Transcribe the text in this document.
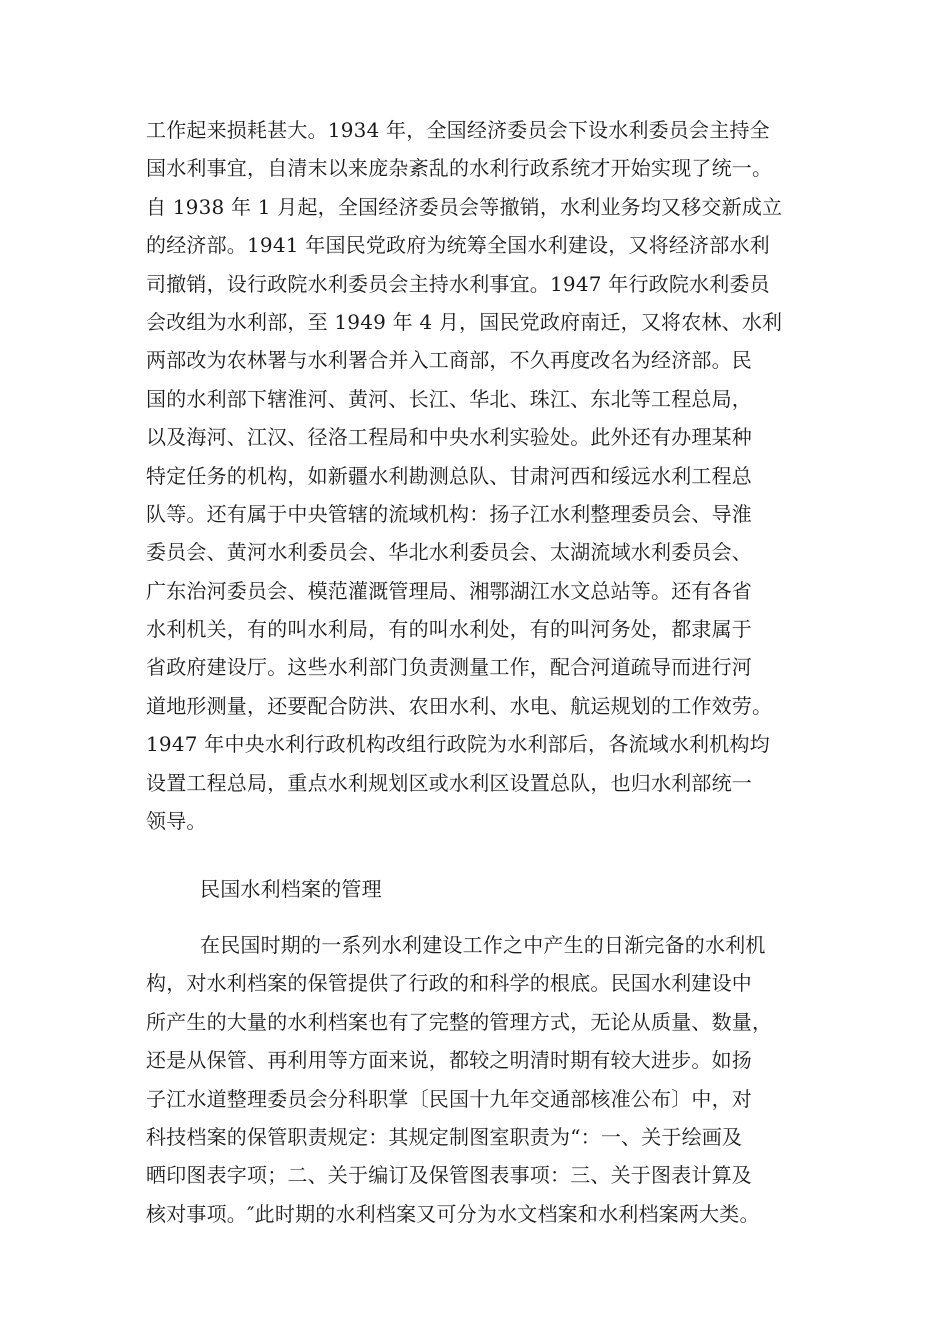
工作起来损耗甚大。1934 年，全国经济委员会下设水利委员会主持全
国水利事宜，自清末以来庞杂紊乱的水利行政系统才开始实现了统一。
自 1938 年 1 月起，全国经济委员会等撤销，水利业务均又移交新成立
的经济部。1941 年国民党政府为统筹全国水利建设，又将经济部水利
司撤销，设行政院水利委员会主持水利事宜。1947 年行政院水利委员
会改组为水利部，至 1949 年 4 月，国民党政府南迁，又将农林、水利
两部改为农林署与水利署合并入工商部，不久再度改名为经济部。民
国的水利部下辖淮河、黄河、长江、华北、珠江、东北等工程总局，
以及海河、江汉、径洛工程局和中央水利实验处。此外还有办理某种
特定任务的机构，如新疆水利勘测总队、甘肃河西和绥远水利工程总
队等。还有属于中央管辖的流域机构：扬子江水利整理委员会、导淮
委员会、黄河水利委员会、华北水利委员会、太湖流域水利委员会、
广东治河委员会、模范灌溉管理局、湘鄂湖江水文总站等。还有各省
水利机关，有的叫水利局，有的叫水利处，有的叫河务处，都隶属于
省政府建设厅。这些水利部门负责测量工作，配合河道疏导而进行河
道地形测量，还要配合防洪、农田水利、水电、航运规划的工作效劳。
1947 年中央水利行政机构改组行政院为水利部后，各流域水利机构均
设置工程总局，重点水利规划区或水利区设置总队，也归水利部统一
领导。
民国水利档案的管理
在民国时期的一系列水利建设工作之中产生的日渐完备的水利机
构，对水利档案的保管提供了行政的和科学的根底。民国水利建设中
所产生的大量的水利档案也有了完整的管理方式，无论从质量、数量，
还是从保管、再利用等方面来说，都较之明清时期有较大进步。如扬
子江水道整理委员会分科职掌〔民国十九年交通部核准公布〕中，对
科技档案的保管职责规定：其规定制图室职责为“：一、关于绘画及
晒印图表字项；二、关于编订及保管图表事项：三、关于图表计算及
核对事项。″此时期的水利档案又可分为水文档案和水利档案两大类。
